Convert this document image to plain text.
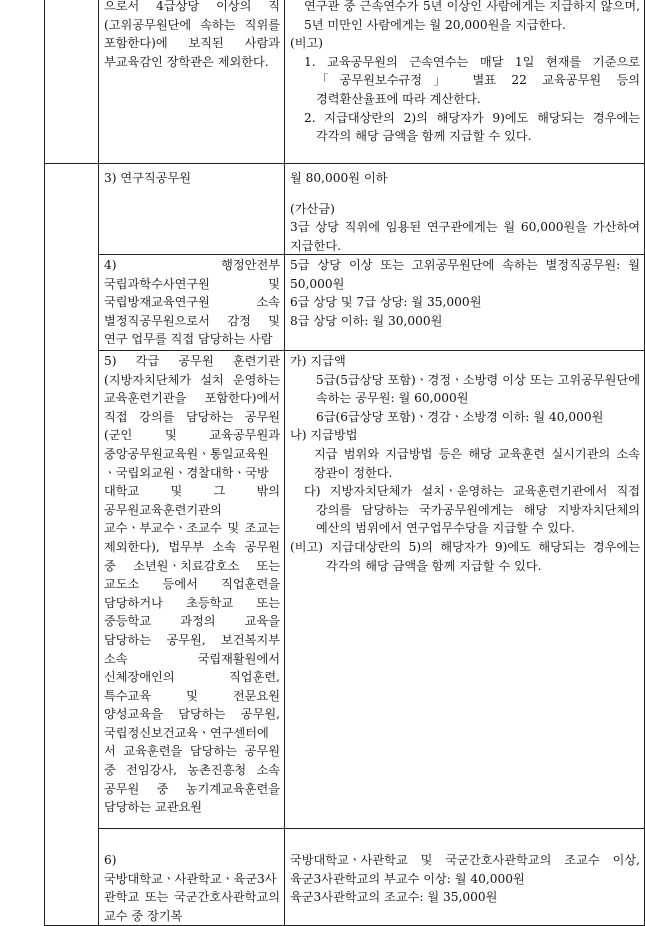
으로서 4급상당 이상의 직(고위공무원단에 속하는 직위를 포함한다)에 보직된 사람과 부교육감인 장학관은 제외한다.

연구관 중 근속연수가 5년 이상인 사람에게는 지급하지 않으며, 5년 미만인 사람에게는 월 20,000원을 지급한다.

(비고)

1. 교육공무원의 근속연수는 매달 1일 현재를 기준으로 「공무원보수규정」 별표 22 교육공무원 등의 경력환산율표에 따라 계산한다.

2. 지급대상란의 2)의 해당자가 9)에도 해당되는 경우에는 각각의 해당 금액을 함께 지급할 수 있다.

3) 연구직공무원	월 80,000원 이하

(가산금)

3급 상당 직위에 임용된 연구관에게는 월 60,000원을 가산하여 지급한다.

4) 행정안전부 국립과학수사연구원 및 국립방재교육연구원 소속 별정직공무원으로서 감정 및 연구 업무를 직접 담당하는 사람

5급 상당 이상 또는 고위공무원단에 속하는 별정직공무원: 월 50,000원

6급 상당 및 7급 상당: 월 35,000원

8급 상당 이하: 월 30,000원

5) 각급 공무원 훈련기관(지방자치단체가 설치 운영하는 교육훈련기관을 포함한다)에서 직접 강의를 담당하는 공무원(군인 및 교육공무원과 중앙공무원교육원ㆍ통일교육원ㆍ국립외교원ㆍ경찰대학ㆍ국방대학교 및 그 밖의 공무원교육훈련기관의 교수ㆍ부교수ㆍ조교수 및 조교는 제외한다), 법무부 소속 공무원 중 소년원ㆍ치료감호소 또는 교도소 등에서 직업훈련을 담당하거나 초등학교 또는 중등학교 과정의 교육을 담당하는 공무원, 보건복지부 소속 국립재활원에서 신체장애인의 직업훈련, 특수교육 및 전문요원 양성교육을 담당하는 공무원, 국립정신보건교육ㆍ연구센터에서 교육훈련을 담당하는 공무원 중 전임강사, 농촌진흥청 소속 공무원 중 농기계교육훈련을 담당하는 교관요원

가) 지급액

5급(5급상당 포함)ㆍ경정ㆍ소방령 이상 또는 고위공무원단에 속하는 공무원: 월 60,000원

6급(6급상당 포함)ㆍ경감ㆍ소방경 이하: 월 40,000원

나) 지급방법

지급 범위와 지급방법 등은 해당 교육훈련 실시기관의 소속 장관이 정한다.

다) 지방자치단체가 설치ㆍ운영하는 교육훈련기관에서 직접 강의를 담당하는 국가공무원에게는 해당 지방자치단체의 예산의 범위에서 연구업무수당을 지급할 수 있다.

(비고) 지급대상란의 5)의 해당자가 9)에도 해당되는 경우에는 각각의 해당 금액을 함께 지급할 수 있다.

6) 국방대학교ㆍ사관학교ㆍ육군3사관학교 또는 국군간호사관학교의 교수 중 장기복

국방대학교ㆍ사관학교 및 국군간호사관학교의 조교수 이상, 육군3사관학교의 부교수 이상: 월 40,000원

육군3사관학교의 조교수: 월 35,000원
